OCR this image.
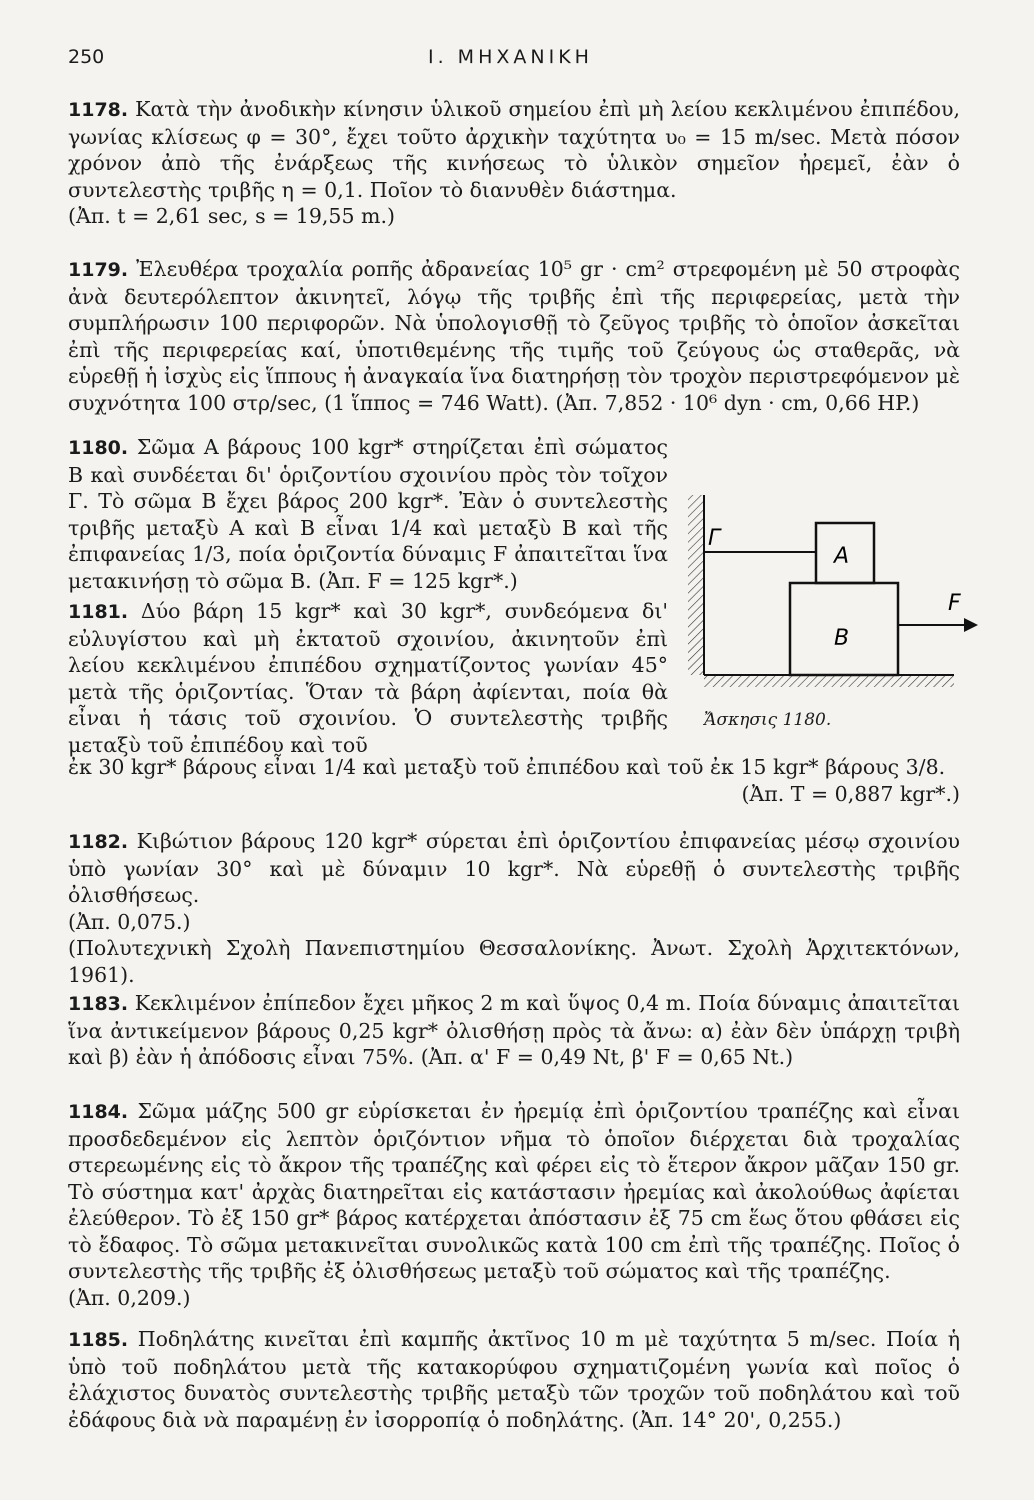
250	Ι. ΜΗΧΑΝΙΚΗ

1178. Κατὰ τὴν ἀνοδικὴν κίνησιν ὑλικοῦ σημείου ἐπὶ μὴ λείου κεκλιμένου ἐπιπέδου, γωνίας κλίσεως φ = 30°, ἔχει τοῦτο ἀρχικὴν ταχύτητα υ₀ = 15 m/sec. Μετὰ πόσον χρόνον ἀπὸ τῆς ἐνάρξεως τῆς κινήσεως τὸ ὑλικὸν σημεῖον ἠρεμεῖ, ἐὰν ὁ συντελεστὴς τριβῆς η = 0,1. Ποῖον τὸ διανυθὲν διάστημα.

(Ἀπ. t = 2,61 sec, s = 19,55 m.)

1179. Ἐλευθέρα τροχαλία ροπῆς ἀδρανείας 10⁵ gr · cm² στρεφομένη μὲ 50 στροφὰς ἀνὰ δευτερόλεπτον ἀκινητεῖ, λόγῳ τῆς τριβῆς ἐπὶ τῆς περιφερείας, μετὰ τὴν συμπλήρωσιν 100 περιφορῶν. Νὰ ὑπολογισθῇ τὸ ζεῦγος τριβῆς τὸ ὁποῖον ἀσκεῖται ἐπὶ τῆς περιφερείας καί, ὑποτιθεμένης τῆς τιμῆς τοῦ ζεύγους ὡς σταθερᾶς, νὰ εὑρεθῇ ἡ ἰσχὺς εἰς ἵππους ἡ ἀναγκαία ἵνα διατηρήσῃ τὸν τροχὸν περιστρεφόμενον μὲ συχνότητα 100 στρ/sec, (1 ἵππος = 746 Watt). (Ἀπ. 7,852 · 10⁶ dyn · cm, 0,66 HP.)

1180. Σῶμα Α βάρους 100 kgr* στηρίζεται ἐπὶ σώματος Β καὶ συνδέεται δι' ὁριζοντίου σχοινίου πρὸς τὸν τοῖχον Γ. Τὸ σῶμα Β ἔχει βάρος 200 kgr*. Ἐὰν ὁ συντελεστὴς τριβῆς μεταξὺ Α καὶ Β εἶναι 1/4 καὶ μεταξὺ Β καὶ τῆς ἐπιφανείας 1/3, ποία ὁριζοντία δύναμις F ἀπαιτεῖται ἵνα μετακινήσῃ τὸ σῶμα Β. (Ἀπ. F = 125 kgr*.)

Γ
Α
Β
F
Ἄσκησις 1180.

1181. Δύο βάρη 15 kgr* καὶ 30 kgr*, συνδεόμενα δι' εὐλυγίστου καὶ μὴ ἐκτατοῦ σχοινίου, ἀκινητοῦν ἐπὶ λείου κεκλιμένου ἐπιπέδου σχηματίζοντος γωνίαν 45° μετὰ τῆς ὁριζοντίας. Ὅταν τὰ βάρη ἀφίενται, ποία θὰ εἶναι ἡ τάσις τοῦ σχοινίου. Ὁ συντελεστὴς τριβῆς μεταξὺ τοῦ ἐπιπέδου καὶ τοῦ

ἐκ 30 kgr* βάρους εἶναι 1/4 καὶ μεταξὺ τοῦ ἐπιπέδου καὶ τοῦ ἐκ 15 kgr* βάρους 3/8.
(Ἀπ. T = 0,887 kgr*.)

1182. Κιβώτιον βάρους 120 kgr* σύρεται ἐπὶ ὁριζοντίου ἐπιφανείας μέσῳ σχοινίου ὑπὸ γωνίαν 30° καὶ μὲ δύναμιν 10 kgr*. Νὰ εὑρεθῇ ὁ συντελεστὴς τριβῆς ὀλισθήσεως.

(Ἀπ. 0,075.)

(Πολυτεχνικὴ Σχολὴ Πανεπιστημίου Θεσσαλονίκης. Ἀνωτ. Σχολὴ Ἀρχιτεκτόνων, 1961).

1183. Κεκλιμένον ἐπίπεδον ἔχει μῆκος 2 m καὶ ὕψος 0,4 m. Ποία δύναμις ἀπαιτεῖται ἵνα ἀντικείμενον βάρους 0,25 kgr* ὀλισθήσῃ πρὸς τὰ ἄνω: α) ἐὰν δὲν ὑπάρχῃ τριβὴ καὶ β) ἐὰν ἡ ἀπόδοσις εἶναι 75%. (Ἀπ. α' F = 0,49 Nt, β' F = 0,65 Nt.)

1184. Σῶμα μάζης 500 gr εὑρίσκεται ἐν ἠρεμίᾳ ἐπὶ ὁριζοντίου τραπέζης καὶ εἶναι προσδεδεμένον εἰς λεπτὸν ὁριζόντιον νῆμα τὸ ὁποῖον διέρχεται διὰ τροχαλίας στερεωμένης εἰς τὸ ἄκρον τῆς τραπέζης καὶ φέρει εἰς τὸ ἕτερον ἄκρον μᾶζαν 150 gr. Τὸ σύστημα κατ' ἀρχὰς διατηρεῖται εἰς κατάστασιν ἠρεμίας καὶ ἀκολούθως ἀφίεται ἐλεύθερον. Τὸ ἐξ 150 gr* βάρος κατέρχεται ἀπόστασιν ἐξ 75 cm ἕως ὅτου φθάσει εἰς τὸ ἔδαφος. Τὸ σῶμα μετακινεῖται συνολικῶς κατὰ 100 cm ἐπὶ τῆς τραπέζης. Ποῖος ὁ συντελεστὴς τῆς τριβῆς ἐξ ὀλισθήσεως μεταξὺ τοῦ σώματος καὶ τῆς τραπέζης.

(Ἀπ. 0,209.)

1185. Ποδηλάτης κινεῖται ἐπὶ καμπῆς ἀκτῖνος 10 m μὲ ταχύτητα 5 m/sec. Ποία ἡ ὑπὸ τοῦ ποδηλάτου μετὰ τῆς κατακορύφου σχηματιζομένη γωνία καὶ ποῖος ὁ ἐλάχιστος δυνατὸς συντελεστὴς τριβῆς μεταξὺ τῶν τροχῶν τοῦ ποδηλάτου καὶ τοῦ ἐδάφους διὰ νὰ παραμένῃ ἐν ἰσορροπίᾳ ὁ ποδηλάτης. (Ἀπ. 14° 20', 0,255.)
